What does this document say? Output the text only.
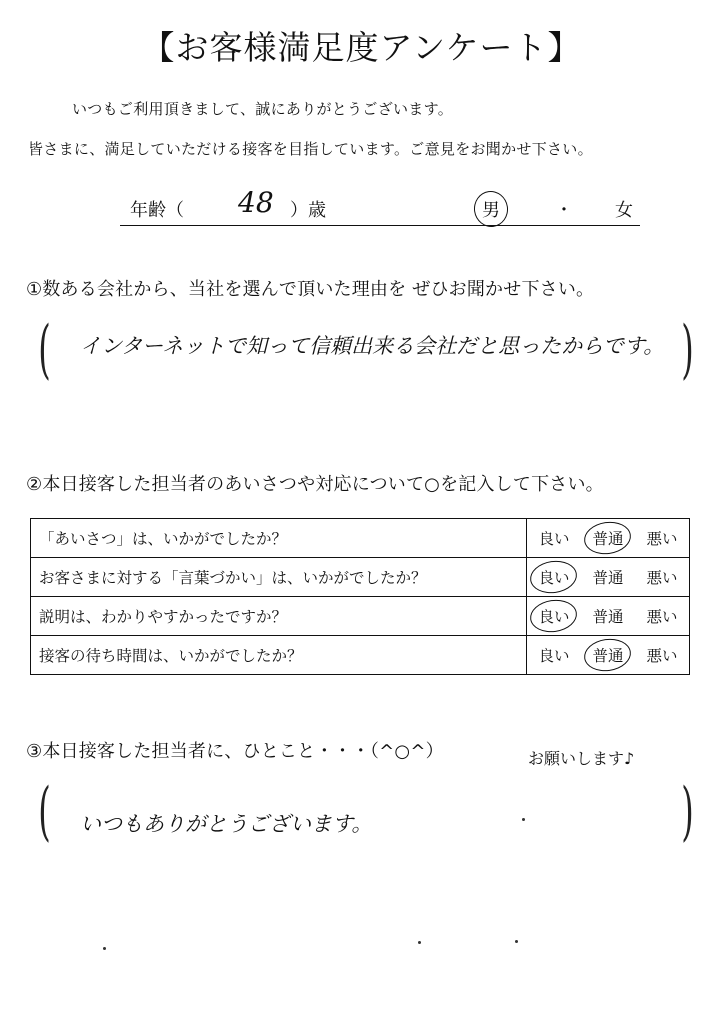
【お客様満足度アンケート】
いつもご利用頂きまして、誠にありがとうございます。
皆さまに、満足していただける接客を目指しています。ご意見をお聞かせ下さい。
年齢（ 48 ）歳	男	・ 女
①数ある会社から、当社を選んで頂いた理由を ぜひお聞かせ下さい。
(	)
インターネットで知って信頼出来る会社だと思ったからです。
②本日接客した担当者のあいさつや対応について○を記入して下さい。
「あいさつ」は、いかがでしたか？	良い 普通 悪い

お客さまに対する「言葉づかい」は、いかがでしたか？	良い 普通 悪い

説明は、わかりやすかったですか？	良い 普通 悪い

接客の待ち時間は、いかがでしたか？	良い 普通 悪い
③本日接客した担当者に、ひとこと・・・（^○^）	お願いします♪
(	)
いつもありがとうございます。
